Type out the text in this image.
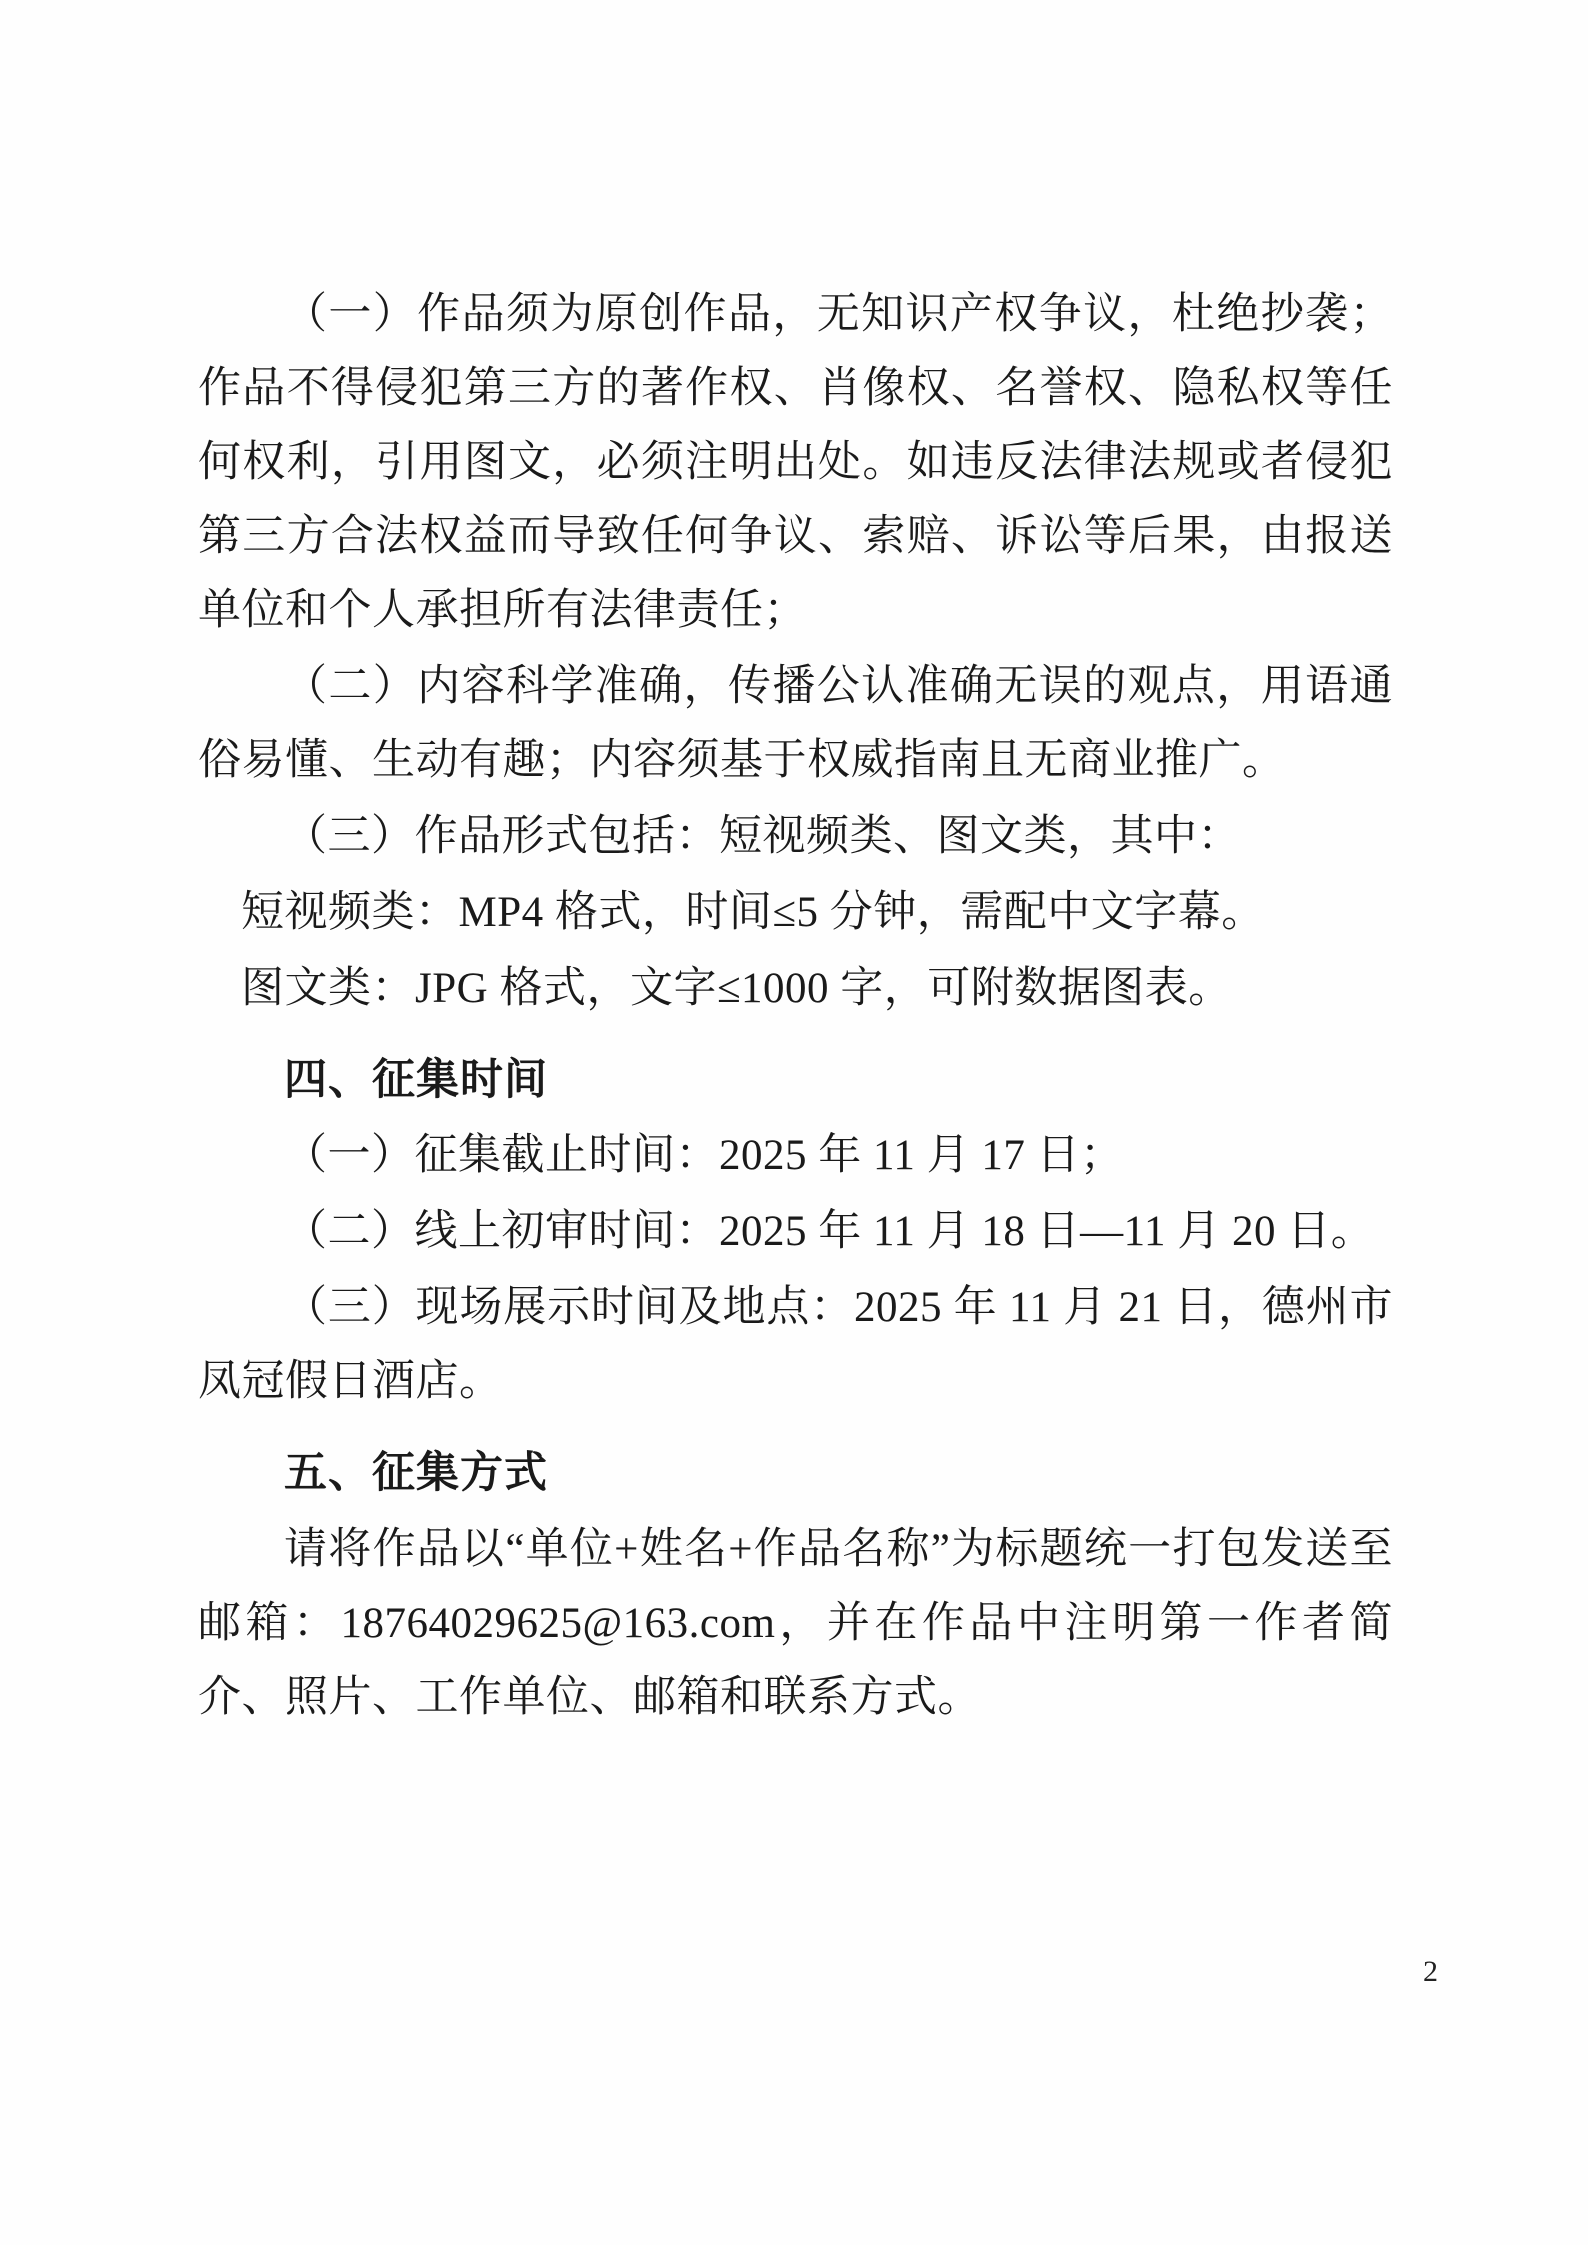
（一）作品须为原创作品，无知识产权争议，杜绝抄袭；作品不得侵犯第三方的著作权、肖像权、名誉权、隐私权等任何权利，引用图文，必须注明出处。如违反法律法规或者侵犯第三方合法权益而导致任何争议、索赔、诉讼等后果，由报送单位和个人承担所有法律责任；

（二）内容科学准确，传播公认准确无误的观点，用语通俗易懂、生动有趣；内容须基于权威指南且无商业推广。

（三）作品形式包括：短视频类、图文类，其中：

短视频类：MP4 格式，时间≤5 分钟，需配中文字幕。

图文类：JPG 格式，文字≤1000 字，可附数据图表。

四、征集时间

（一）征集截止时间：2025 年 11 月 17 日；

（二）线上初审时间：2025 年 11 月 18 日—11 月 20 日。

（三）现场展示时间及地点：2025 年 11 月 21 日，德州市凤冠假日酒店。

五、征集方式

请将作品以“单位+姓名+作品名称”为标题统一打包发送至邮箱：18764029625@163.com，并在作品中注明第一作者简介、照片、工作单位、邮箱和联系方式。

2
